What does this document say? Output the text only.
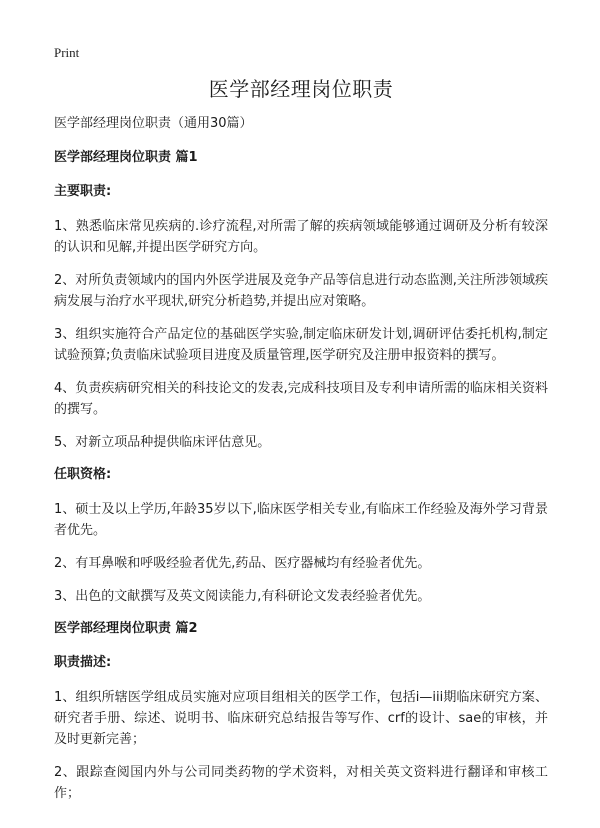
Print
医学部经理岗位职责

医学部经理岗位职责（通用30篇）

医学部经理岗位职责 篇1

主要职责:

1、熟悉临床常见疾病的.诊疗流程,对所需了解的疾病领域能够通过调研及分析有较深的认识和见解,并提出医学研究方向。

2、对所负责领域内的国内外医学进展及竞争产品等信息进行动态监测,关注所涉领域疾病发展与治疗水平现状,研究分析趋势,并提出应对策略。

3、组织实施符合产品定位的基础医学实验,制定临床研发计划,调研评估委托机构,制定试验预算;负责临床试验项目进度及质量管理,医学研究及注册申报资料的撰写。

4、负责疾病研究相关的科技论文的发表,完成科技项目及专利申请所需的临床相关资料的撰写。

5、对新立项品种提供临床评估意见。

任职资格:

1、硕士及以上学历,年龄35岁以下,临床医学相关专业,有临床工作经验及海外学习背景者优先。

2、有耳鼻喉和呼吸经验者优先,药品、医疗器械均有经验者优先。

3、出色的文献撰写及英文阅读能力,有科研论文发表经验者优先。

医学部经理岗位职责 篇2

职责描述:

1、组织所辖医学组成员实施对应项目组相关的医学工作，包括i—iii期临床研究方案、研究者手册、综述、说明书、临床研究总结报告等写作、crf的设计、sae的审核，并及时更新完善；

2、跟踪查阅国内外与公司同类药物的学术资料，对相关英文资料进行翻译和审核工作；
